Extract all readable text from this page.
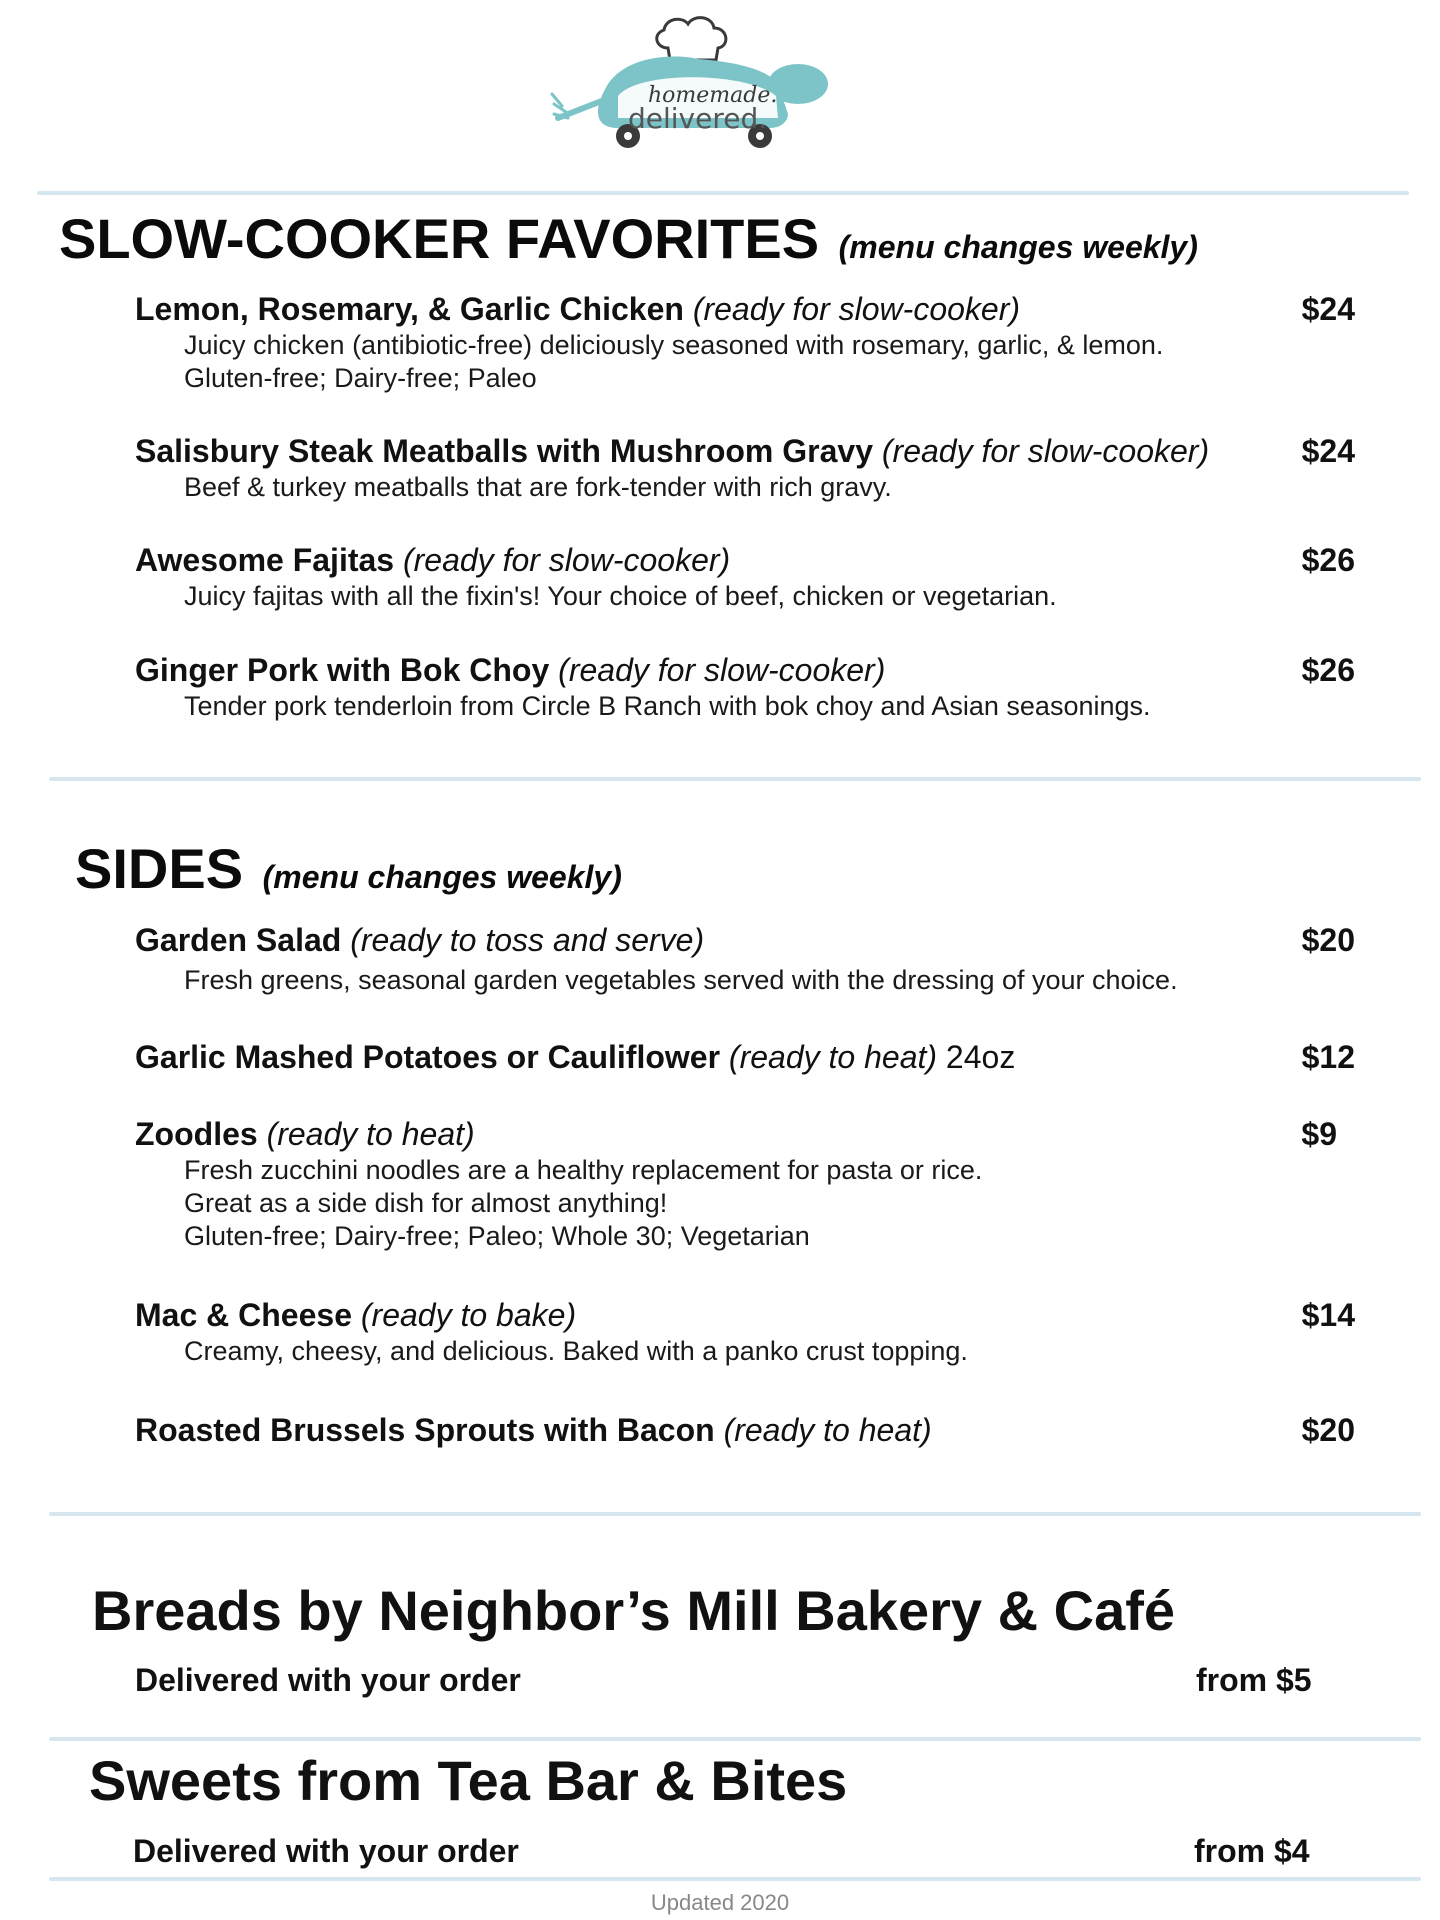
homemade.
delivered.
SLOW-COOKER FAVORITES (menu changes weekly)
Lemon, Rosemary, & Garlic Chicken (ready for slow-cooker)	$24
Juicy chicken (antibiotic-free) deliciously seasoned with rosemary, garlic, & lemon.
Gluten-free; Dairy-free; Paleo
Salisbury Steak Meatballs with Mushroom Gravy (ready for slow-cooker)	$24
Beef & turkey meatballs that are fork-tender with rich gravy.
Awesome Fajitas (ready for slow-cooker)	$26
Juicy fajitas with all the fixin's! Your choice of beef, chicken or vegetarian.
Ginger Pork with Bok Choy (ready for slow-cooker)	$26
Tender pork tenderloin from Circle B Ranch with bok choy and Asian seasonings.
SIDES (menu changes weekly)
Garden Salad (ready to toss and serve)	$20
Fresh greens, seasonal garden vegetables served with the dressing of your choice.
Garlic Mashed Potatoes or Cauliflower (ready to heat) 24oz	$12
Zoodles (ready to heat)	$9
Fresh zucchini noodles are a healthy replacement for pasta or rice.
Great as a side dish for almost anything!
Gluten-free; Dairy-free; Paleo; Whole 30; Vegetarian
Mac & Cheese (ready to bake)	$14
Creamy, cheesy, and delicious. Baked with a panko crust topping.
Roasted Brussels Sprouts with Bacon (ready to heat)	$20
Breads by Neighbor’s Mill Bakery & Café
Delivered with your order	from $5
Sweets from Tea Bar & Bites
Delivered with your order	from $4
Updated 2020
